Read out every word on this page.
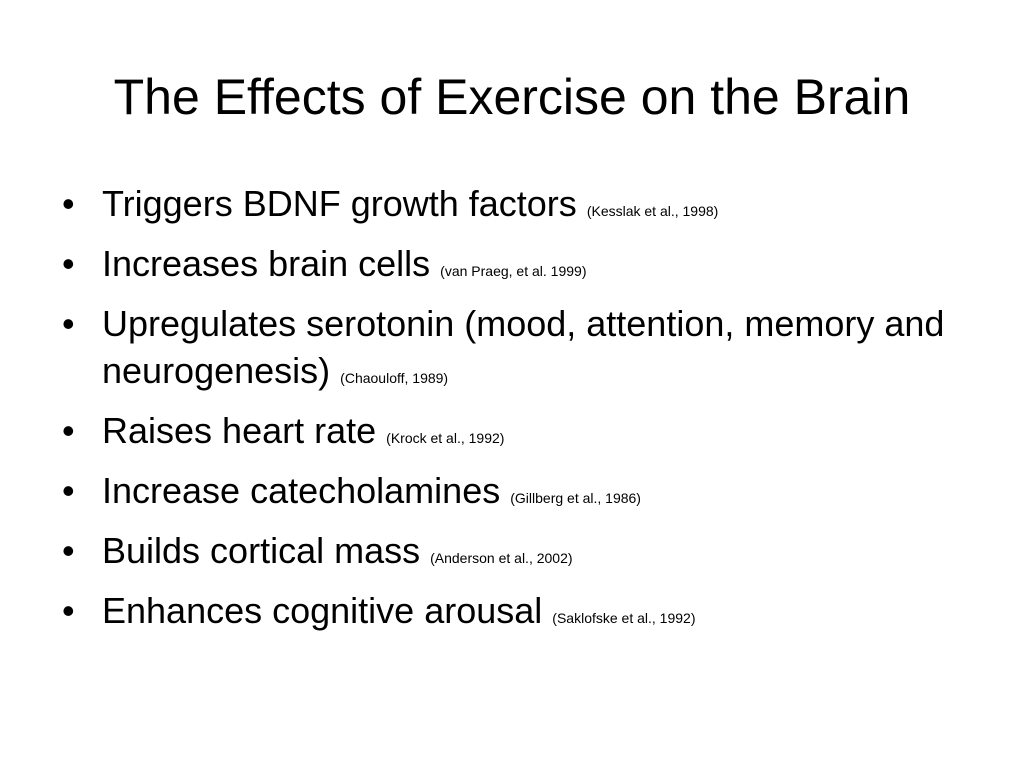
The Effects of Exercise on the Brain
• Triggers BDNF growth factors (Kesslak et al., 1998)
• Increases brain cells (van Praeg, et al. 1999)
• Upregulates serotonin (mood, attention, memory and neurogenesis) (Chaouloff, 1989)
• Raises heart rate (Krock et al., 1992)
• Increase catecholamines (Gillberg et al., 1986)
• Builds cortical mass (Anderson et al., 2002)
• Enhances cognitive arousal (Saklofske et al., 1992)
